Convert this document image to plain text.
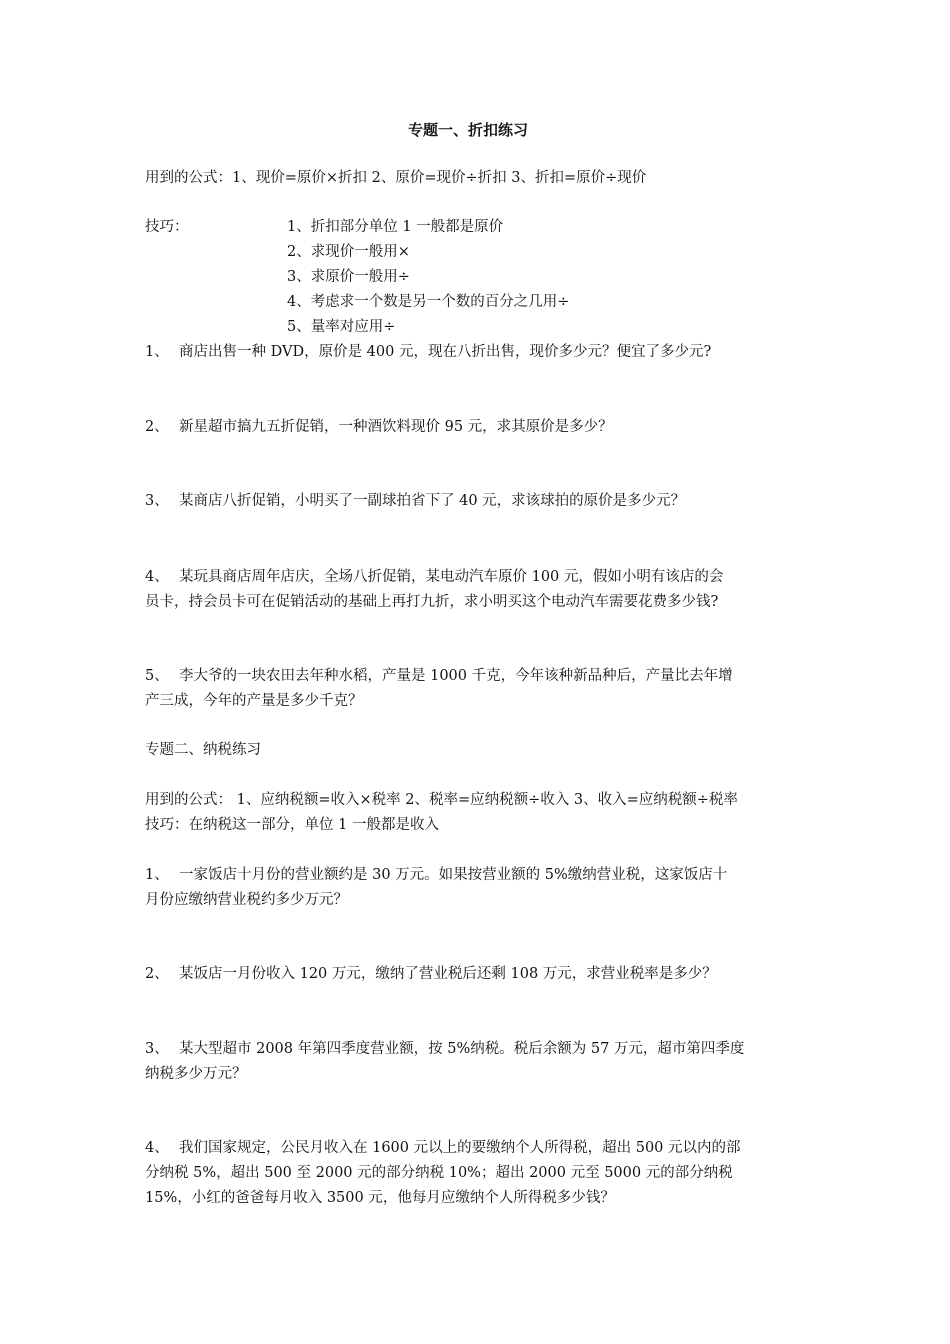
专题一、折扣练习
用到的公式：1、现价=原价×折扣 2、原价=现价÷折扣 3、折扣=原价÷现价
技巧：	1、折扣部分单位 1 一般都是原价
2、求现价一般用×
3、求原价一般用÷
4、考虑求一个数是另一个数的百分之几用÷
5、量率对应用÷
1、 商店出售一种 DVD，原价是 400 元，现在八折出售，现价多少元？便宜了多少元?
2、 新星超市搞九五折促销，一种酒饮料现价 95 元，求其原价是多少？
3、 某商店八折促销，小明买了一副球拍省下了 40 元，求该球拍的原价是多少元？
4、 某玩具商店周年店庆，全场八折促销，某电动汽车原价 100 元，假如小明有该店的会
员卡，持会员卡可在促销活动的基础上再打九折，求小明买这个电动汽车需要花费多少钱?
5、 李大爷的一块农田去年种水稻，产量是 1000 千克，今年该种新品种后，产量比去年增
产三成，今年的产量是多少千克？
专题二、纳税练习
用到的公式： 1、应纳税额=收入×税率 2、税率=应纳税额÷收入 3、收入=应纳税额÷税率
技巧：在纳税这一部分，单位 1 一般都是收入
1、 一家饭店十月份的营业额约是 30 万元。如果按营业额的 5%缴纳营业税，这家饭店十
月份应缴纳营业税约多少万元？
2、 某饭店一月份收入 120 万元，缴纳了营业税后还剩 108 万元，求营业税率是多少？
3、 某大型超市 2008 年第四季度营业额，按 5%纳税。税后余额为 57 万元，超市第四季度
纳税多少万元？
4、 我们国家规定，公民月收入在 1600 元以上的要缴纳个人所得税，超出 500 元以内的部
分纳税 5%，超出 500 至 2000 元的部分纳税 10%；超出 2000 元至 5000 元的部分纳税
15%，小红的爸爸每月收入 3500 元，他每月应缴纳个人所得税多少钱？
